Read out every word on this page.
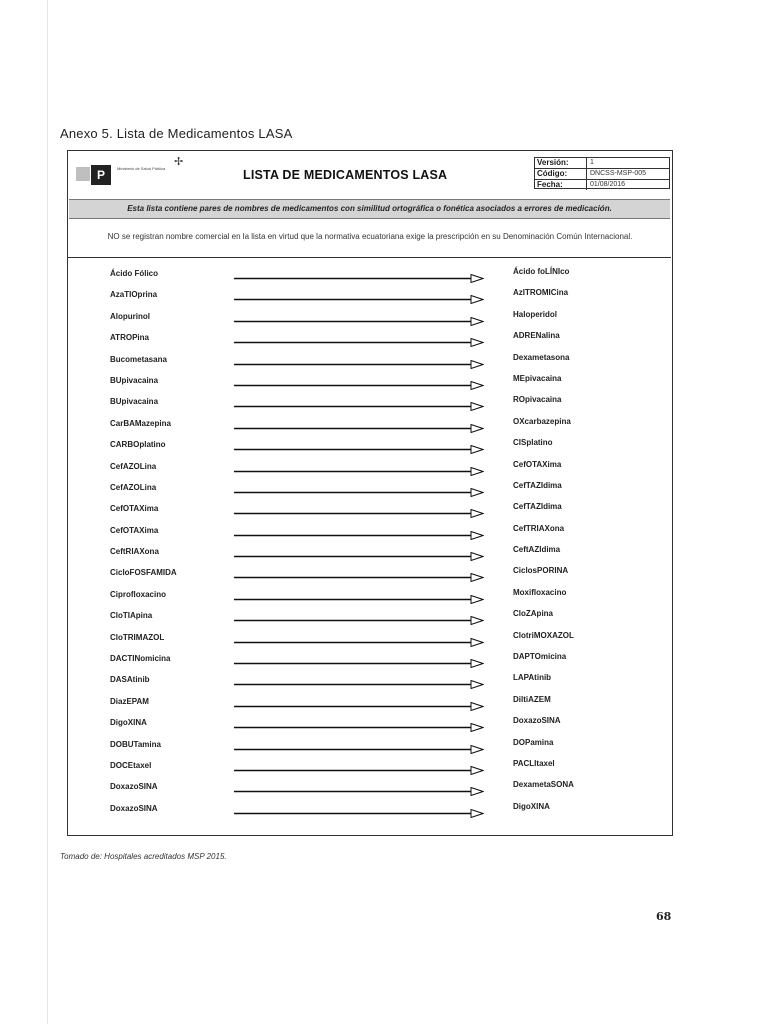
Anexo 5. Lista de Medicamentos LASA
P	Ministerio de Salud Pública
✢
LISTA DE MEDICAMENTOS LASA
Versión:	1
Código:	DNCSS-MSP-005
Fecha:	01/08/2016
Esta lista contiene pares de nombres de medicamentos con similitud ortográfica o fonética asociados a errores de medicación.
NO se registran nombre comercial en la lista en virtud que la normativa ecuatoriana exige la prescripción en su Denominación Común Internacional.
Ácido Fólico	Ácido foLÍNIco
AzaTIOprina	AzITROMICina
Alopurinol	Haloperidol
ATROPina	ADRENalina
Bucometasana	Dexametasona
BUpivacaina	MEpivacaina
BUpivacaina	ROpivacaina
CarBAMazepina	OXcarbazepina
CARBOplatino	CISplatino
CefAZOLina	CefOTAXima
CefAZOLina	CefTAZIdima
CefOTAXima	CefTAZIdima
CefOTAXima	CefTRIAXona
CeftRIAXona	CeftAZIdima
CicloFOSFAMIDA	CiclosPORINA
Ciprofloxacino	Moxifloxacino
CloTIApina	CloZApina
CloTRIMAZOL	ClotriMOXAZOL
DACTINomicina	DAPTOmicina
DASAtinib	LAPAtinib
DiazEPAM	DiltiAZEM
DigoXINA	DoxazoSINA
DOBUTamina	DOPamina
DOCEtaxel	PACLItaxel
DoxazoSINA	DexametaSONA
DoxazoSINA	DigoXINA
Tomado de: Hospitales acreditados MSP 2015.
68
